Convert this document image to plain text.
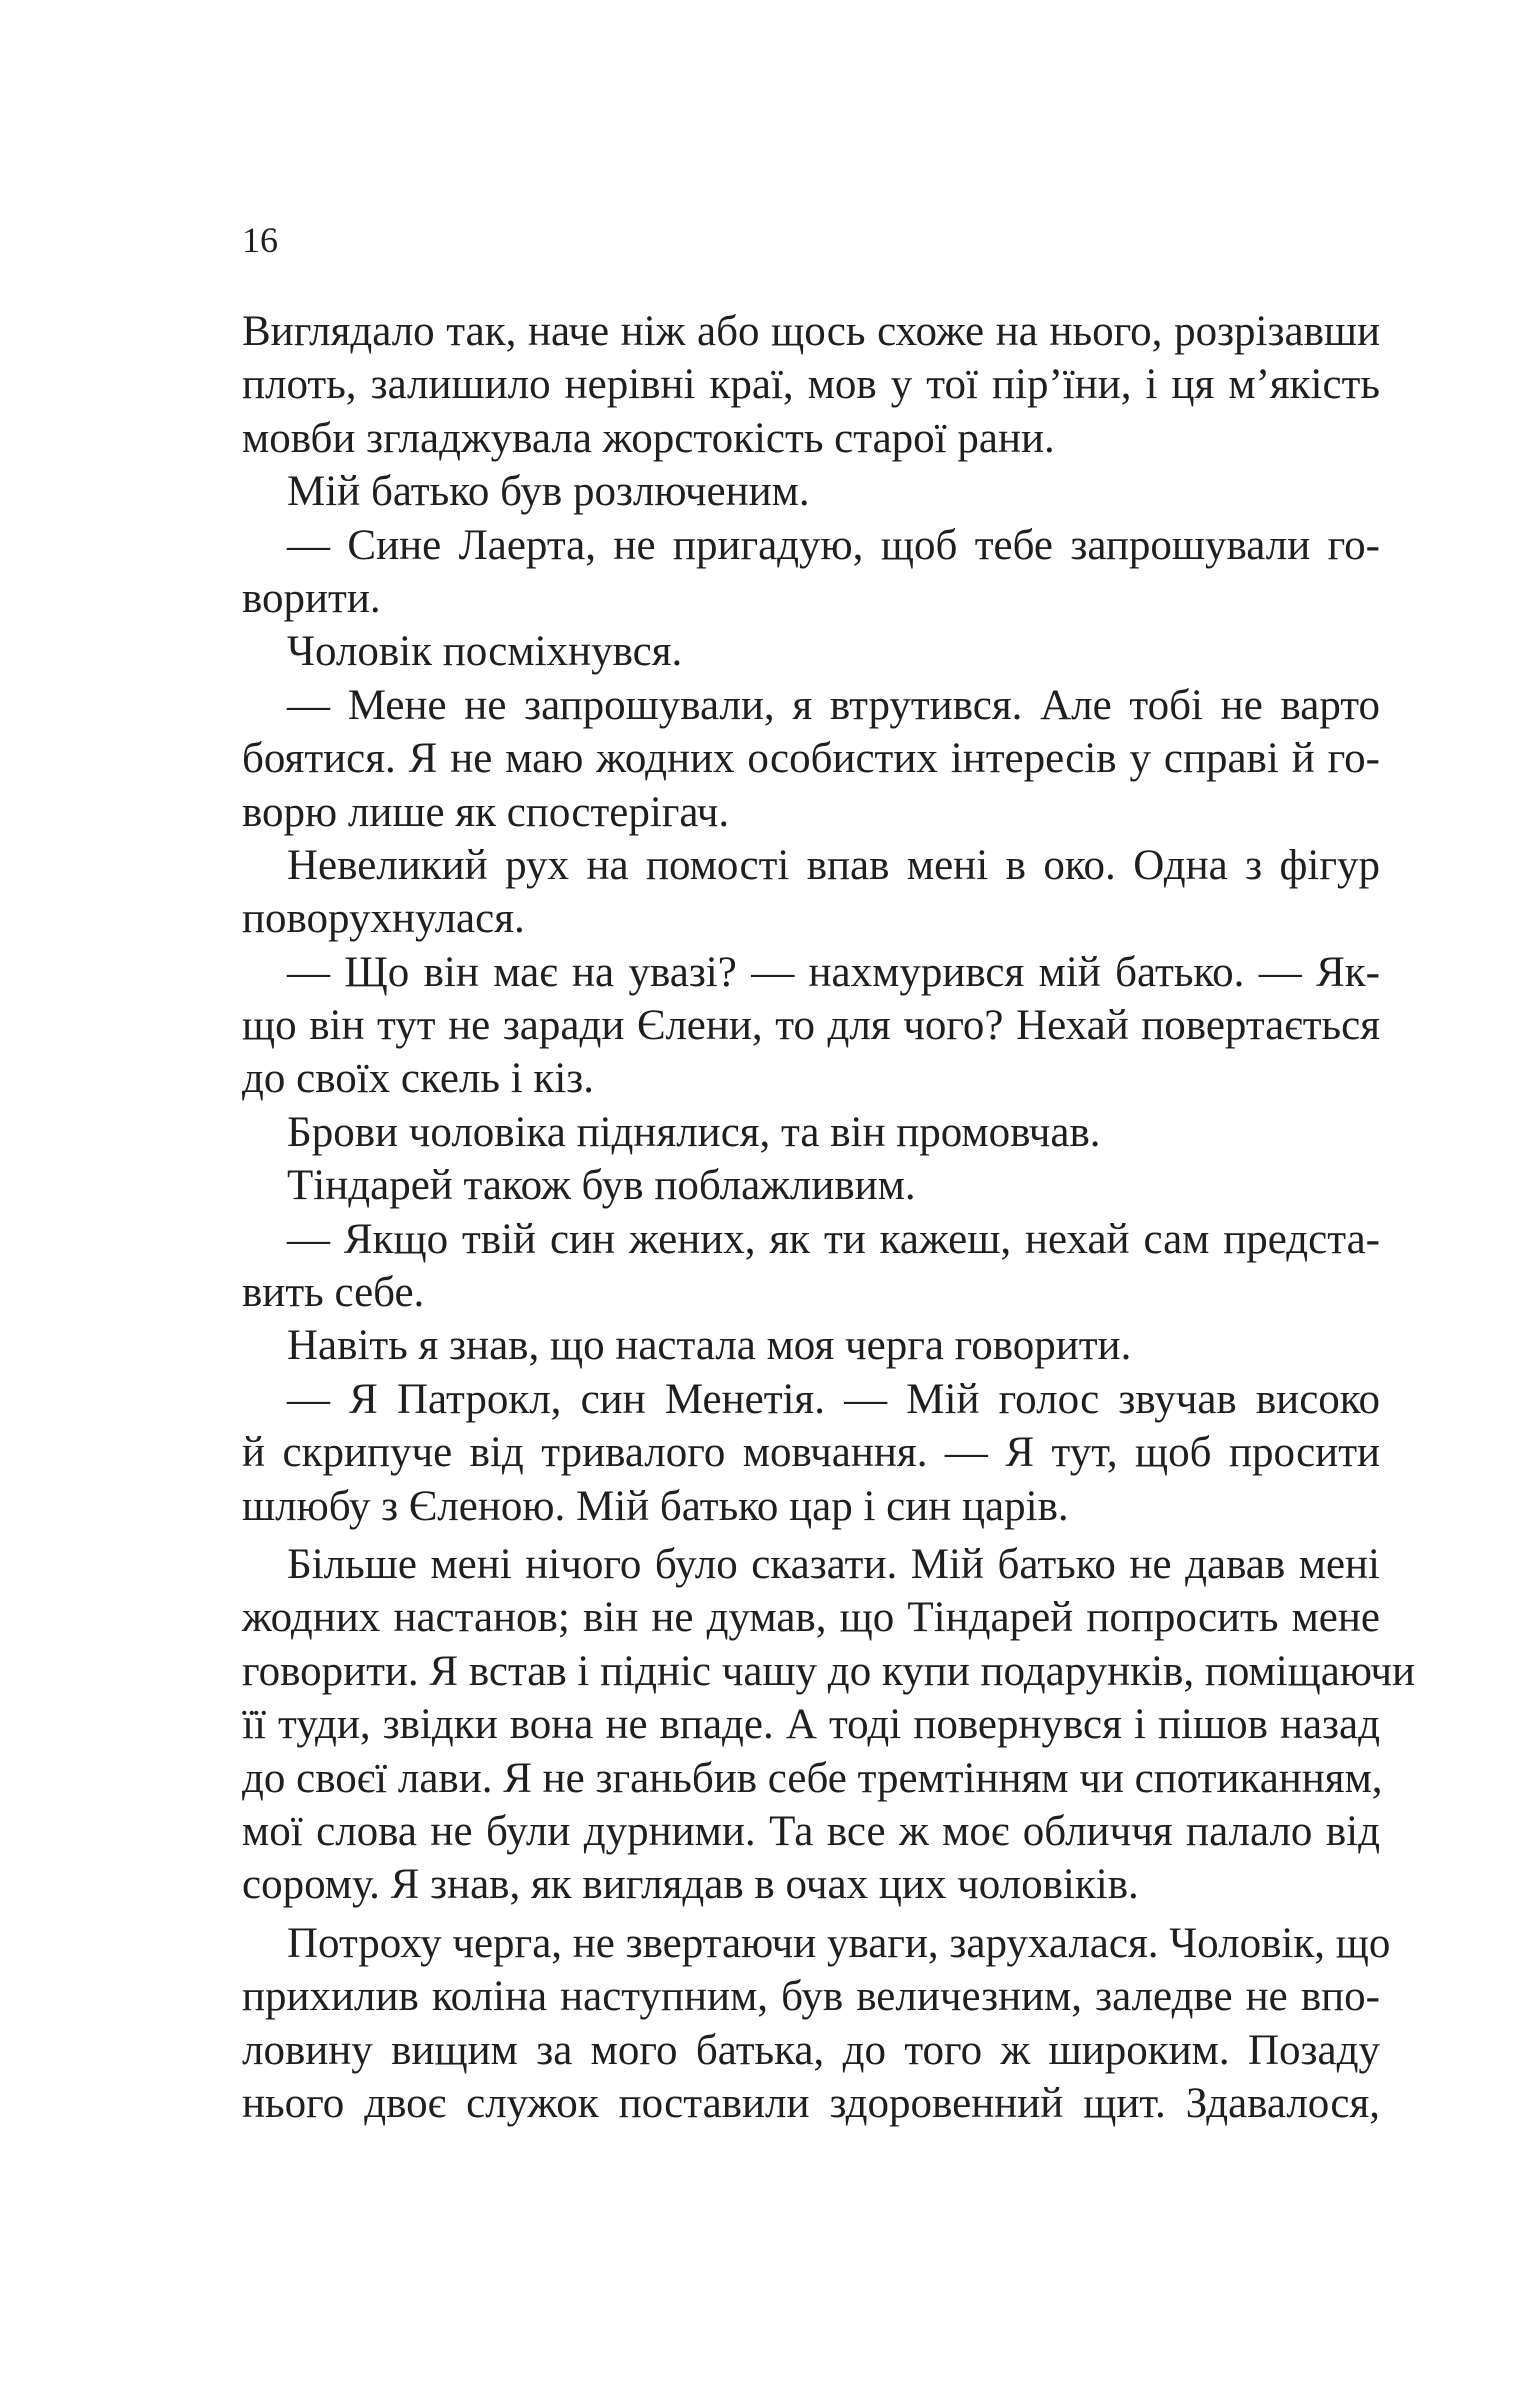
16
Виглядало так, наче ніж або щось схоже на нього, розрізавши
плоть, залишило нерівні краї, мов у тої пір’їни, і ця м’якість
мовби згладжувала жорстокість старої рани.
Мій батько був розлюченим.
— Сине Лаерта, не пригадую, щоб тебе запрошували го-
ворити.
Чоловік посміхнувся.
— Мене не запрошували, я втрутився. Але тобі не варто
боятися. Я не маю жодних особистих інтересів у справі й го-
ворю лише як спостерігач.
Невеликий рух на помості впав мені в око. Одна з фігур
поворухнулася.
— Що він має на увазі? — нахмурився мій батько. — Як-
що він тут не заради Єлени, то для чого? Нехай повертається
до своїх скель і кіз.
Брови чоловіка піднялися, та він промовчав.
Тіндарей також був поблажливим.
— Якщо твій син жених, як ти кажеш, нехай сам предста-
вить себе.
Навіть я знав, що настала моя черга говорити.
— Я Патрокл, син Менетія. — Мій голос звучав високо
й скрипуче від тривалого мовчання. — Я тут, щоб просити
шлюбу з Єленою. Мій батько цар і син царів.
Більше мені нічого було сказати. Мій батько не давав мені
жодних настанов; він не думав, що Тіндарей попросить мене
говорити. Я встав і підніс чашу до купи подарунків, поміщаючи
її туди, звідки вона не впаде. А тоді повернувся і пішов назад
до своєї лави. Я не зганьбив себе тремтінням чи спотиканням,
мої слова не були дурними. Та все ж моє обличчя палало від
сорому. Я знав, як виглядав в очах цих чоловіків.
Потроху черга, не звертаючи уваги, зарухалася. Чоловік, що
прихилив коліна наступним, був величезним, заледве не впо-
ловину вищим за мого батька, до того ж широким. Позаду
нього двоє служок поставили здоровенний щит. Здавалося,
